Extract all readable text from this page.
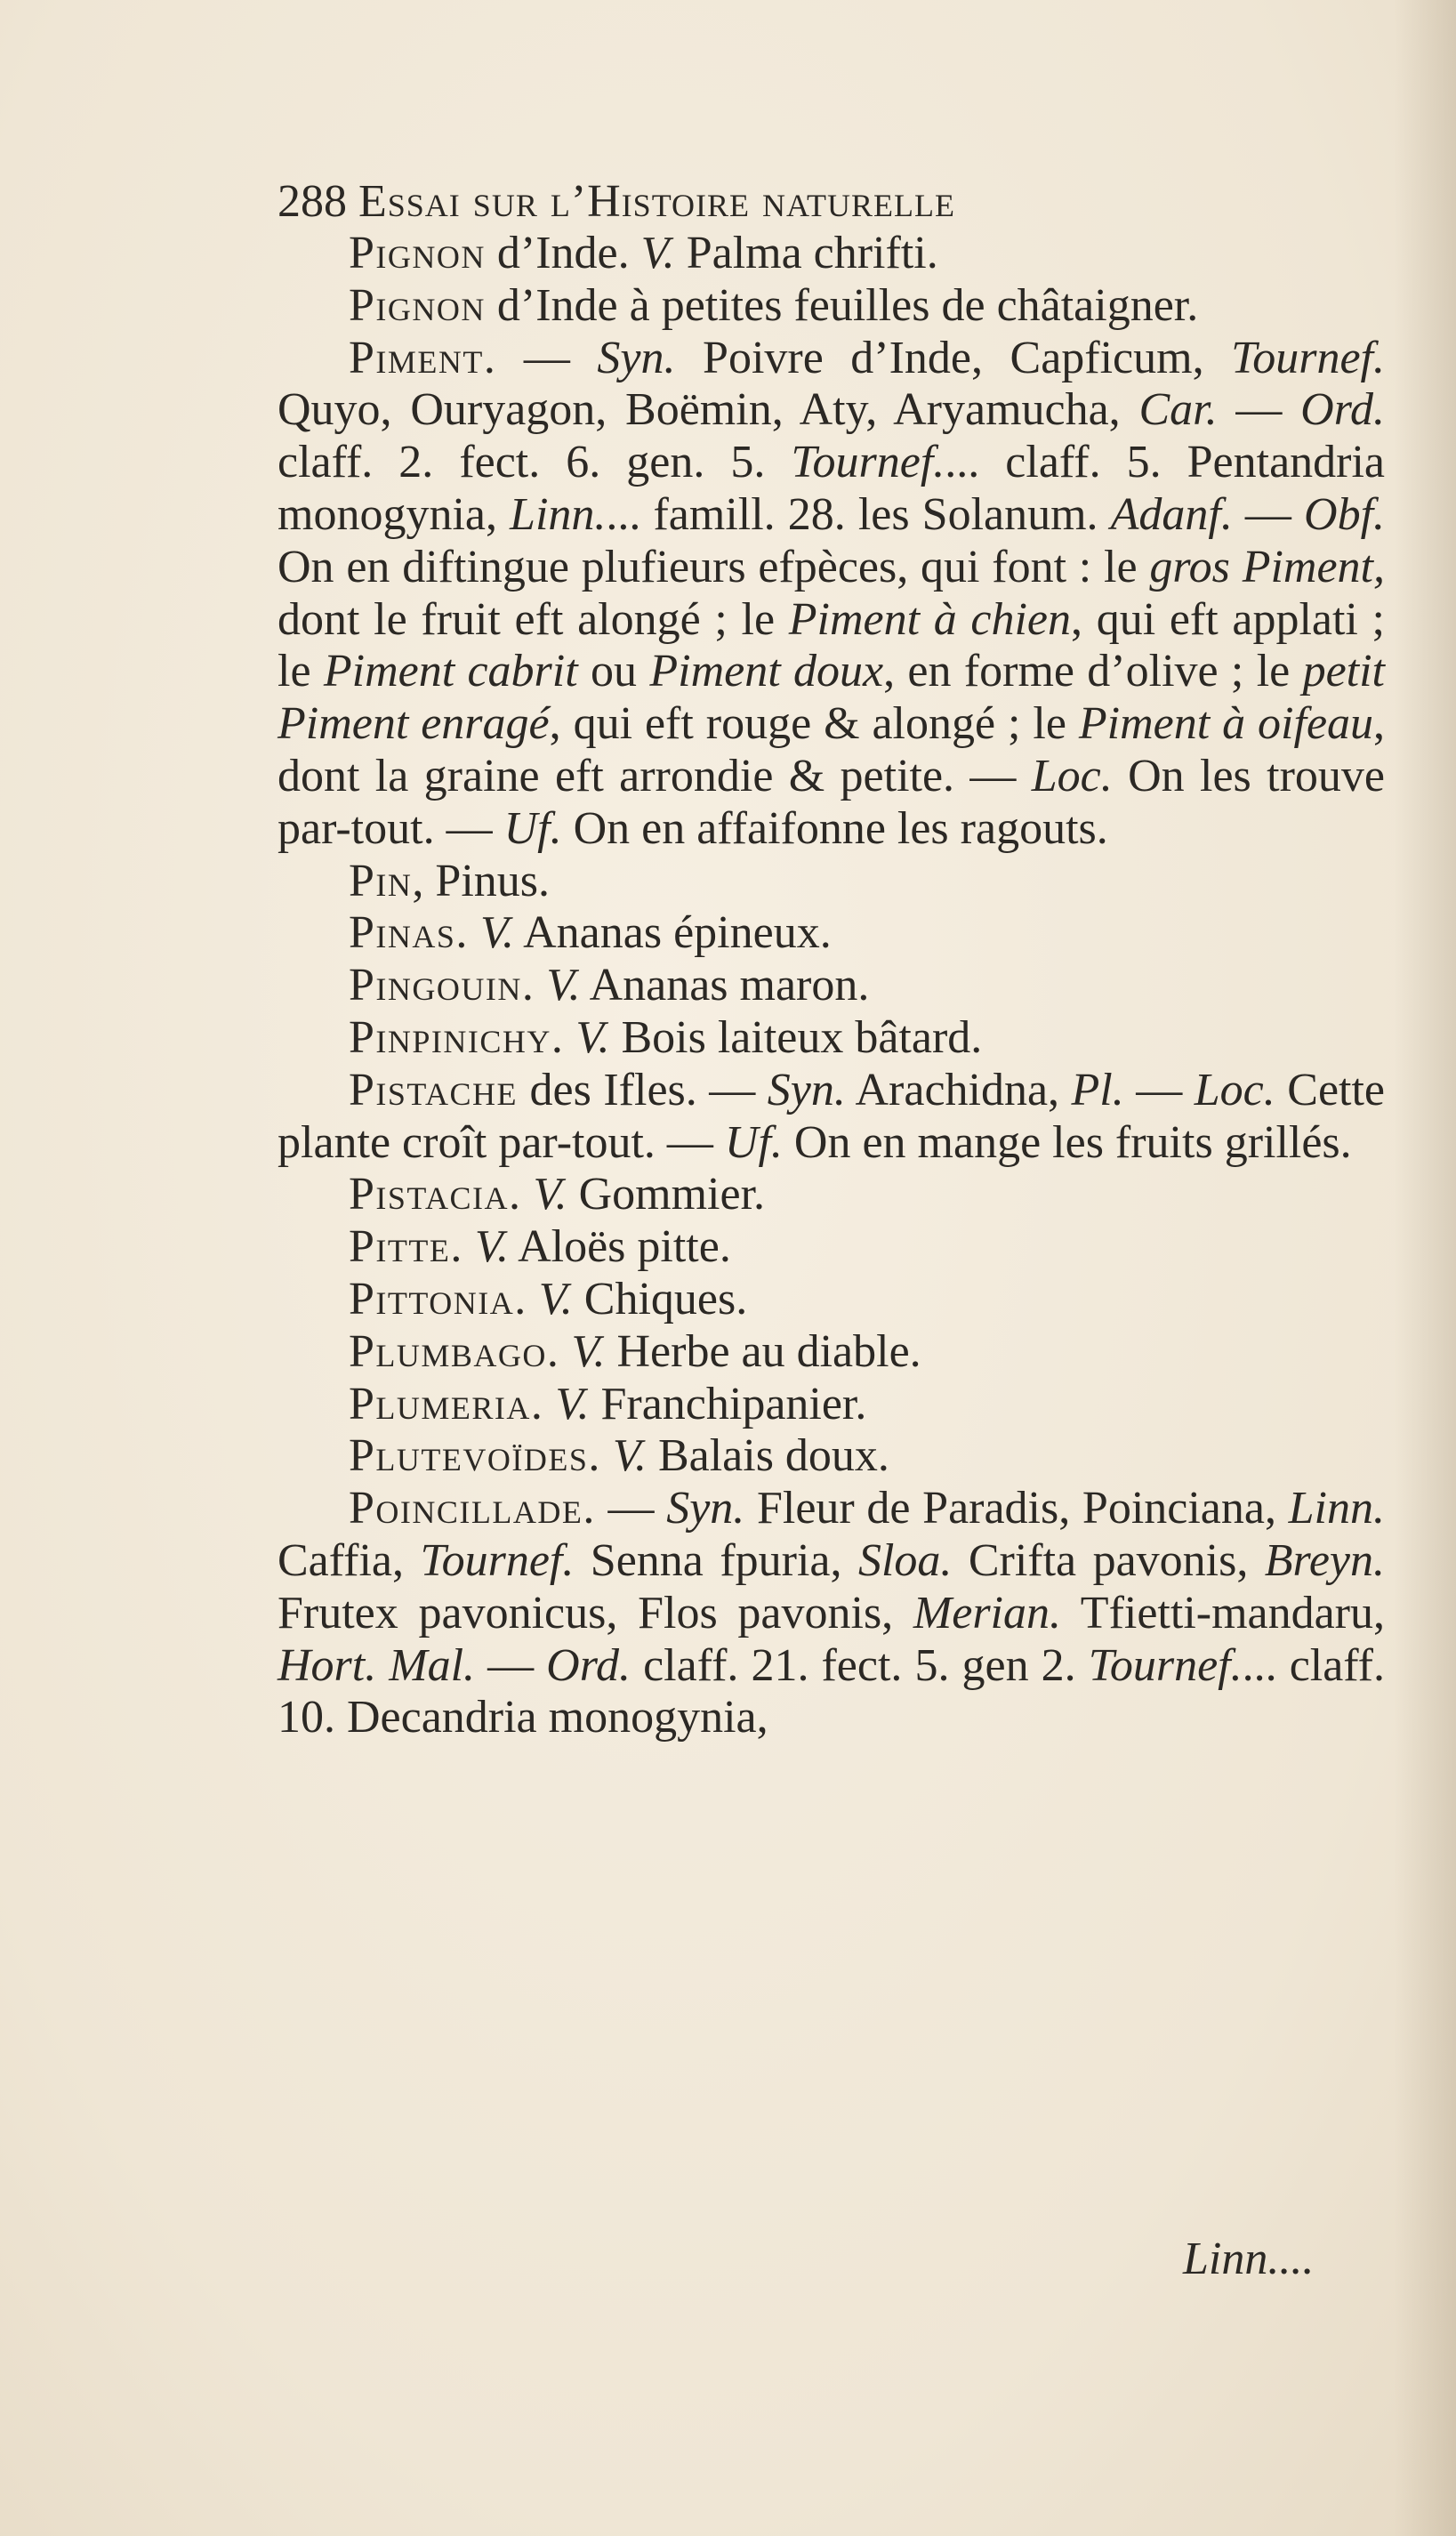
288 Essai sur l’Histoire naturelle

Pignon d’Inde. V. Palma chrifti.

Pignon d’Inde à petites feuilles de châtaigner.

Piment. — Syn. Poivre d’Inde, Capficum, Tournef. Quyo, Ouryagon, Boëmin, Aty, Aryamucha, Car. — Ord. claff. 2. fect. 6. gen. 5. Tournef.... claff. 5. Pentandria monogynia, Linn.... famill. 28. les Solanum. Adanf. — Obf. On en diftingue plufieurs efpèces, qui font : le gros Piment, dont le fruit eft alongé ; le Piment à chien, qui eft applati ; le Piment cabrit ou Piment doux, en forme d’olive ; le petit Piment enragé, qui eft rouge & alongé ; le Piment à oifeau, dont la graine eft arrondie & petite. — Loc. On les trouve par-tout. — Uf. On en affaifonne les ragouts.

Pin, Pinus.

Pinas. V. Ananas épineux.

Pingouin. V. Ananas maron.

Pinpinichy. V. Bois laiteux bâtard.

Pistache des Ifles. — Syn. Arachidna, Pl. — Loc. Cette plante croît par-tout. — Uf. On en mange les fruits grillés.

Pistacia. V. Gommier.

Pitte. V. Aloës pitte.

Pittonia. V. Chiques.

Plumbago. V. Herbe au diable.

Plumeria. V. Franchipanier.

Plutevoïdes. V. Balais doux.

Poincillade. — Syn. Fleur de Paradis, Poinciana, Linn. Caffia, Tournef. Senna fpuria, Sloa. Crifta pavonis, Breyn. Frutex pavonicus, Flos pavonis, Merian. Tfietti-mandaru, Hort. Mal. — Ord. claff. 21. fect. 5. gen 2. Tournef.... claff. 10. Decandria monogynia,

Linn....
